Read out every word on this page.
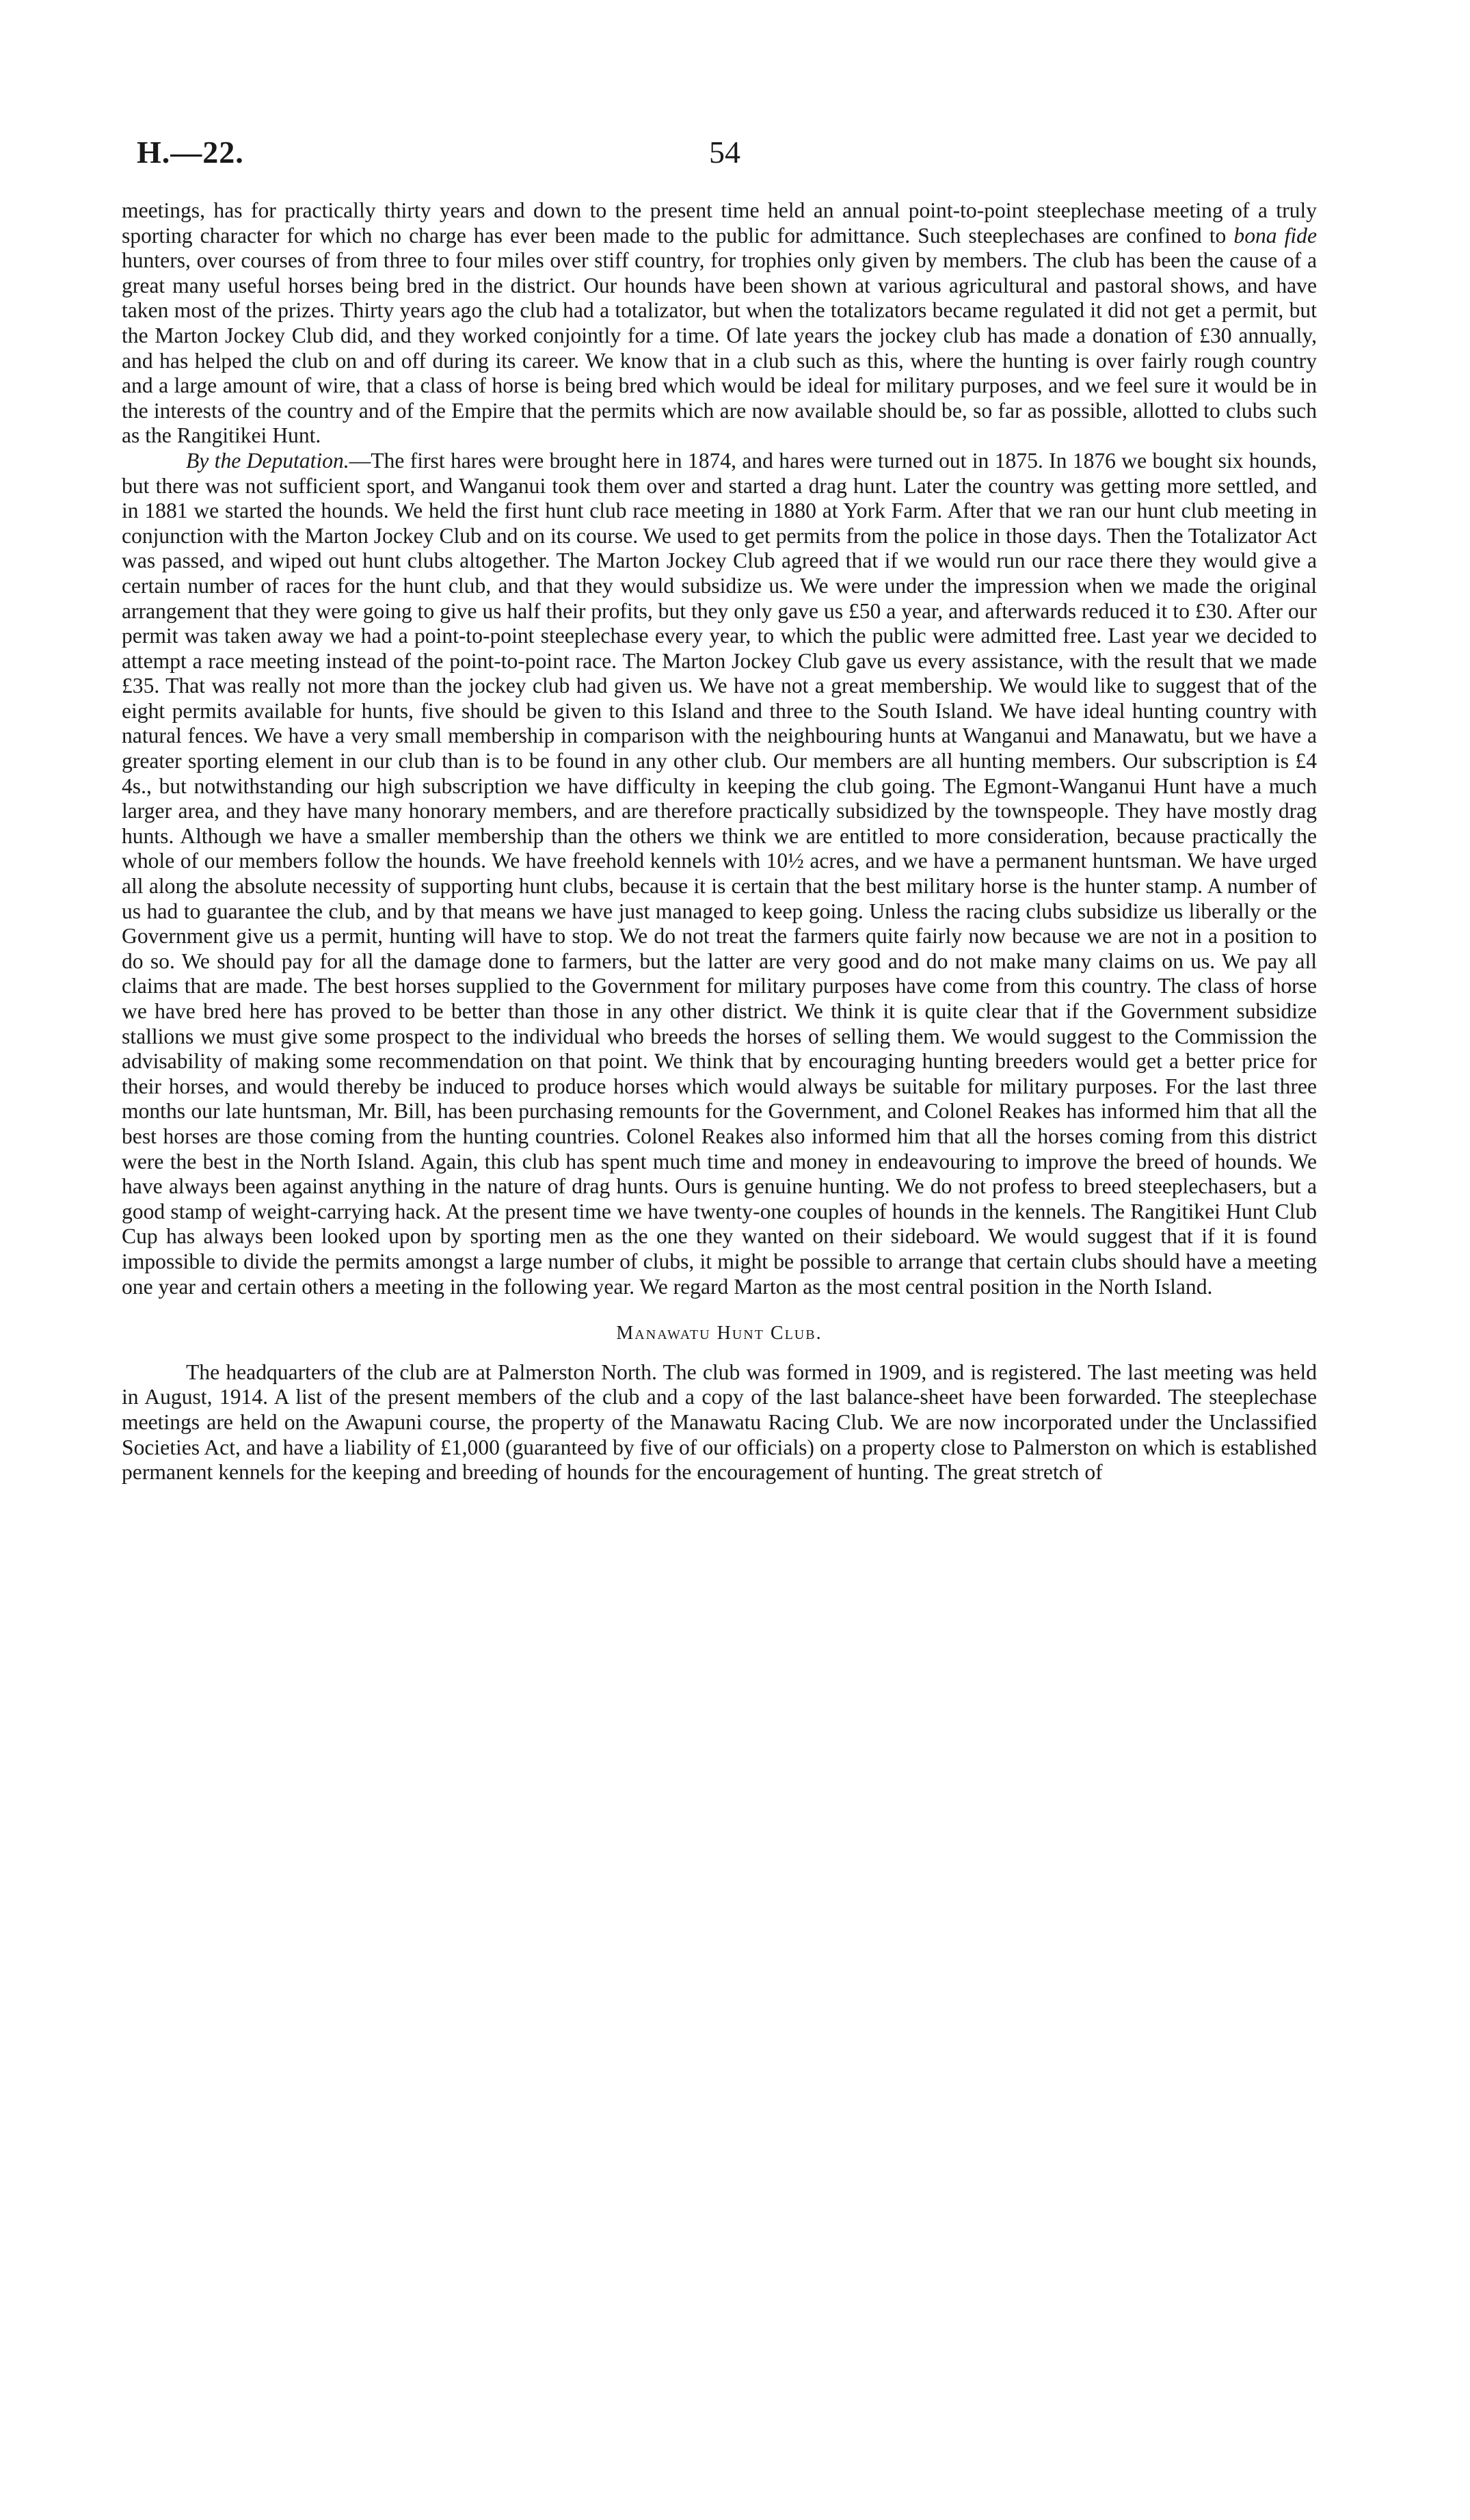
H.—22.	54

meetings, has for practically thirty years and down to the present time held an annual point-to-point steeplechase meeting of a truly sporting character for which no charge has ever been made to the public for admittance. Such steeplechases are confined to bona fide hunters, over courses of from three to four miles over stiff country, for trophies only given by members. The club has been the cause of a great many useful horses being bred in the district. Our hounds have been shown at various agricultural and pastoral shows, and have taken most of the prizes. Thirty years ago the club had a totalizator, but when the totalizators became regulated it did not get a permit, but the Marton Jockey Club did, and they worked conjointly for a time. Of late years the jockey club has made a donation of £30 annually, and has helped the club on and off during its career. We know that in a club such as this, where the hunting is over fairly rough country and a large amount of wire, that a class of horse is being bred which would be ideal for military purposes, and we feel sure it would be in the interests of the country and of the Empire that the permits which are now available should be, so far as possible, allotted to clubs such as the Rangitikei Hunt.

By the Deputation.—The first hares were brought here in 1874, and hares were turned out in 1875. In 1876 we bought six hounds, but there was not sufficient sport, and Wanganui took them over and started a drag hunt. Later the country was getting more settled, and in 1881 we started the hounds. We held the first hunt club race meeting in 1880 at York Farm. After that we ran our hunt club meeting in conjunction with the Marton Jockey Club and on its course. We used to get permits from the police in those days. Then the Totalizator Act was passed, and wiped out hunt clubs altogether. The Marton Jockey Club agreed that if we would run our race there they would give a certain number of races for the hunt club, and that they would subsidize us. We were under the impression when we made the original arrangement that they were going to give us half their profits, but they only gave us £50 a year, and afterwards reduced it to £30. After our permit was taken away we had a point-to-point steeplechase every year, to which the public were admitted free. Last year we decided to attempt a race meeting instead of the point-to-point race. The Marton Jockey Club gave us every assistance, with the result that we made £35. That was really not more than the jockey club had given us. We have not a great membership. We would like to suggest that of the eight permits available for hunts, five should be given to this Island and three to the South Island. We have ideal hunting country with natural fences. We have a very small membership in comparison with the neighbouring hunts at Wanganui and Manawatu, but we have a greater sporting element in our club than is to be found in any other club. Our members are all hunting members. Our subscription is £4 4s., but notwithstanding our high subscription we have difficulty in keeping the club going. The Egmont-Wanganui Hunt have a much larger area, and they have many honorary members, and are therefore practically subsidized by the townspeople. They have mostly drag hunts. Although we have a smaller membership than the others we think we are entitled to more consideration, because practically the whole of our members follow the hounds. We have freehold kennels with 10½ acres, and we have a permanent huntsman. We have urged all along the absolute necessity of supporting hunt clubs, because it is certain that the best military horse is the hunter stamp. A number of us had to guarantee the club, and by that means we have just managed to keep going. Unless the racing clubs subsidize us liberally or the Government give us a permit, hunting will have to stop. We do not treat the farmers quite fairly now because we are not in a position to do so. We should pay for all the damage done to farmers, but the latter are very good and do not make many claims on us. We pay all claims that are made. The best horses supplied to the Government for military purposes have come from this country. The class of horse we have bred here has proved to be better than those in any other district. We think it is quite clear that if the Government subsidize stallions we must give some prospect to the individual who breeds the horses of selling them. We would suggest to the Commission the advisability of making some recommendation on that point. We think that by encouraging hunting breeders would get a better price for their horses, and would thereby be induced to produce horses which would always be suitable for military purposes. For the last three months our late huntsman, Mr. Bill, has been purchasing remounts for the Government, and Colonel Reakes has informed him that all the best horses are those coming from the hunting countries. Colonel Reakes also informed him that all the horses coming from this district were the best in the North Island. Again, this club has spent much time and money in endeavouring to improve the breed of hounds. We have always been against anything in the nature of drag hunts. Ours is genuine hunting. We do not profess to breed steeplechasers, but a good stamp of weight-carrying hack. At the present time we have twenty-one couples of hounds in the kennels. The Rangitikei Hunt Club Cup has always been looked upon by sporting men as the one they wanted on their sideboard. We would suggest that if it is found impossible to divide the permits amongst a large number of clubs, it might be possible to arrange that certain clubs should have a meeting one year and certain others a meeting in the following year. We regard Marton as the most central position in the North Island.

Manawatu Hunt Club.

The headquarters of the club are at Palmerston North. The club was formed in 1909, and is registered. The last meeting was held in August, 1914. A list of the present members of the club and a copy of the last balance-sheet have been forwarded. The steeplechase meetings are held on the Awapuni course, the property of the Manawatu Racing Club. We are now incorporated under the Unclassified Societies Act, and have a liability of £1,000 (guaranteed by five of our officials) on a property close to Palmerston on which is established permanent kennels for the keeping and breeding of hounds for the encouragement of hunting. The great stretch of
